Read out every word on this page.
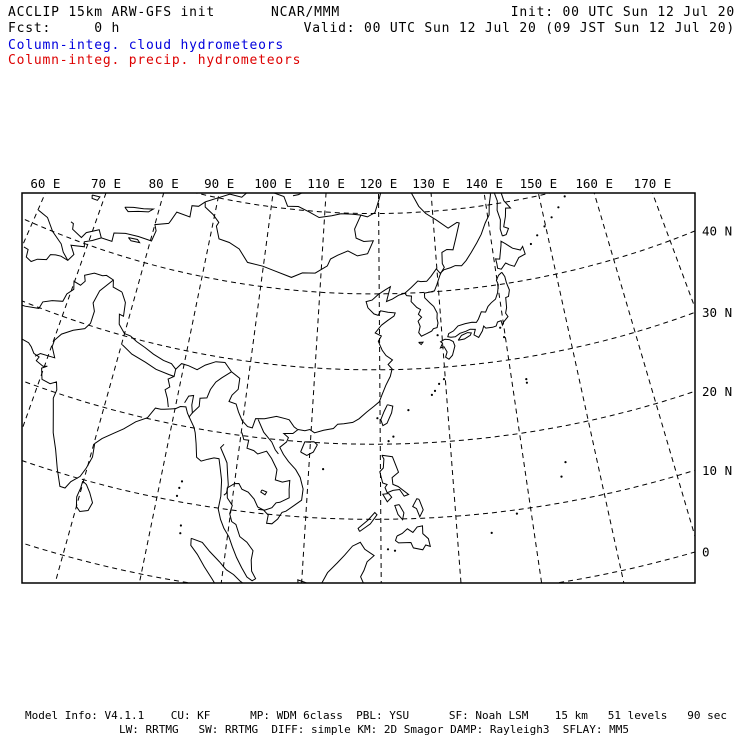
ACCLIP 15km ARW-GFS init	NCAR/MMM	Init: 00 UTC Sun 12 Jul 20
Fcst:     0 h	Valid: 00 UTC Sun 12 Jul 20 (09 JST Sun 12 Jul 20)
Column-integ. cloud hydrometeors
Column-integ. precip. hydrometeors
60 E 70 E 80 E 90 E 100 E 110 E 120 E 130 E 140 E 150 E 160 E 170 E
40 N
30 N
20 N
10 N
0
Model Info: V4.1.1    CU: KF      MP: WDM 6class  PBL: YSU      SF: Noah LSM    15 km   51 levels   90 sec
LW: RRTMG   SW: RRTMG  DIFF: simple KM: 2D Smagor DAMP: Rayleigh3  SFLAY: MM5
